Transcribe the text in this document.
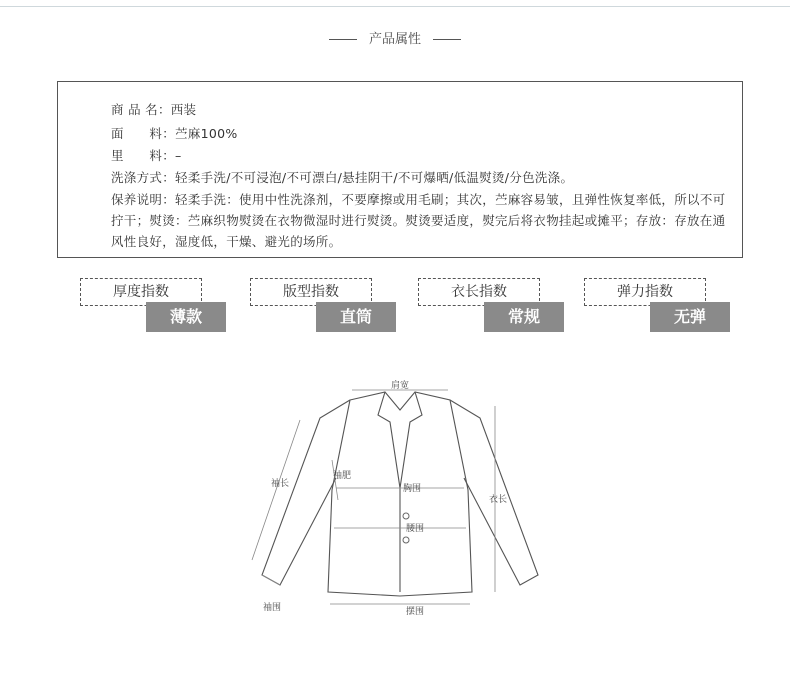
产品属性
商 品 名：西装
面　　料：苎麻100%
里　　料：–
洗涤方式：轻柔手洗/不可浸泡/不可漂白/悬挂阴干/不可爆晒/低温熨烫/分色洗涤。
保养说明：轻柔手洗：使用中性洗涤剂，不要摩擦或用毛刷；其次，苎麻容易皱，且弹性恢复率低，所以不可拧干；熨烫：苎麻织物熨烫在衣物微湿时进行熨烫。熨烫要适度，熨完后将衣物挂起或摊平；存放：存放在通风性良好，湿度低，干燥、避光的场所。
厚度指数
薄款
版型指数
直筒
衣长指数
常规
弹力指数
无弹
肩宽
袖长
袖肥
胸围
腰围
衣长
袖围	摆围
